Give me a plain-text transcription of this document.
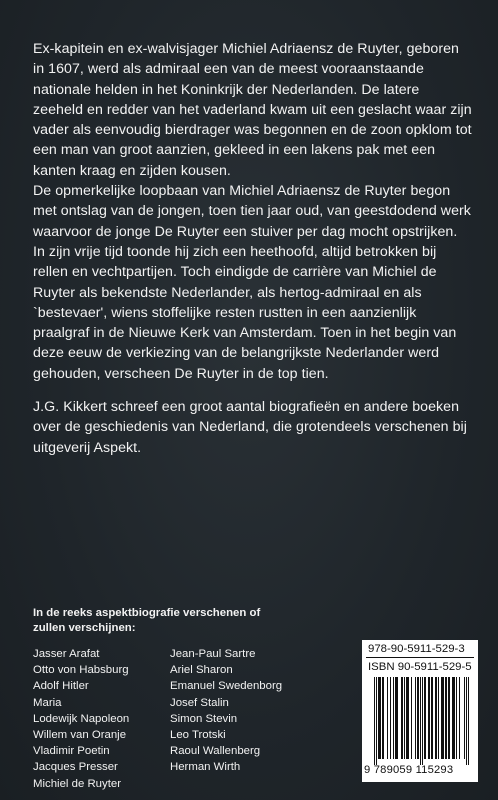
Ex-kapitein en ex-walvisjager Michiel Adriaensz de Ruyter, geboren in 1607, werd als admiraal een van de meest vooraanstaande nationale helden in het Koninkrijk der Nederlanden. De latere zeeheld en redder van het vaderland kwam uit een geslacht waar zijn vader als eenvoudig bierdrager was begonnen en de zoon opklom tot een man van groot aanzien, gekleed in een lakens pak met een kanten kraag en zijden kousen.

De opmerkelijke loopbaan van Michiel Adriaensz de Ruyter begon met ontslag van de jongen, toen tien jaar oud, van geestdodend werk waarvoor de jonge De Ruyter een stuiver per dag mocht opstrijken. In zijn vrije tijd toonde hij zich een heethoofd, altijd betrokken bij rellen en vechtpartijen. Toch eindigde de carrière van Michiel de Ruyter als bekendste Nederlander, als hertog-admiraal en als `bestevaer', wiens stoffelijke resten rustten in een aanzienlijk praalgraf in de Nieuwe Kerk van Amsterdam. Toen in het begin van deze eeuw de verkiezing van de belangrijkste Nederlander werd gehouden, verscheen De Ruyter in de top tien.

J.G. Kikkert schreef een groot aantal biografieën en andere boeken over de geschiedenis van Nederland, die grotendeels verschenen bij uitgeverij Aspekt.

In de reeks aspektbiografie verschenen of zullen verschijnen:
Jasser Arafat
Otto von Habsburg
Adolf Hitler
Maria
Lodewijk Napoleon
Willem van Oranje
Vladimir Poetin
Jacques Presser
Michiel de Ruyter
Jean-Paul Sartre
Ariel Sharon
Emanuel Swedenborg
Josef Stalin
Simon Stevin
Leo Trotski
Raoul Wallenberg
Herman Wirth
978-90-5911-529-3
ISBN 90-5911-529-5
9 789059 115293
